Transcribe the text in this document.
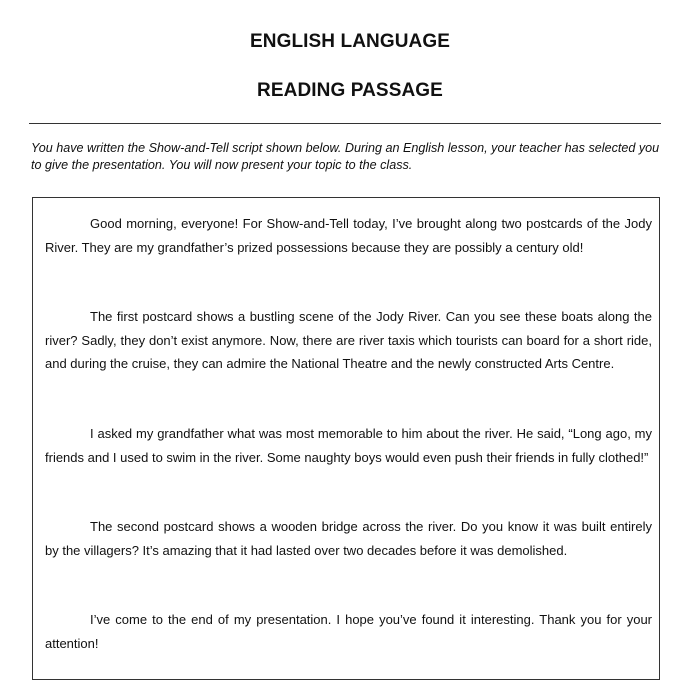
ENGLISH LANGUAGE
READING PASSAGE
You have written the Show-and-Tell script shown below. During an English lesson, your teacher has selected you to give the presentation. You will now present your topic to the class.

Good morning, everyone! For Show-and-Tell today, I’ve brought along two postcards of the Jody River. They are my grandfather’s prized possessions because they are possibly a century old!

The first postcard shows a bustling scene of the Jody River. Can you see these boats along the river? Sadly, they don’t exist anymore. Now, there are river taxis which tourists can board for a short ride, and during the cruise, they can admire the National Theatre and the newly constructed Arts Centre.

I asked my grandfather what was most memorable to him about the river. He said, “Long ago, my friends and I used to swim in the river. Some naughty boys would even push their friends in fully clothed!”

The second postcard shows a wooden bridge across the river. Do you know it was built entirely by the villagers? It’s amazing that it had lasted over two decades before it was demolished.

I’ve come to the end of my presentation. I hope you’ve found it interesting. Thank you for your attention!
